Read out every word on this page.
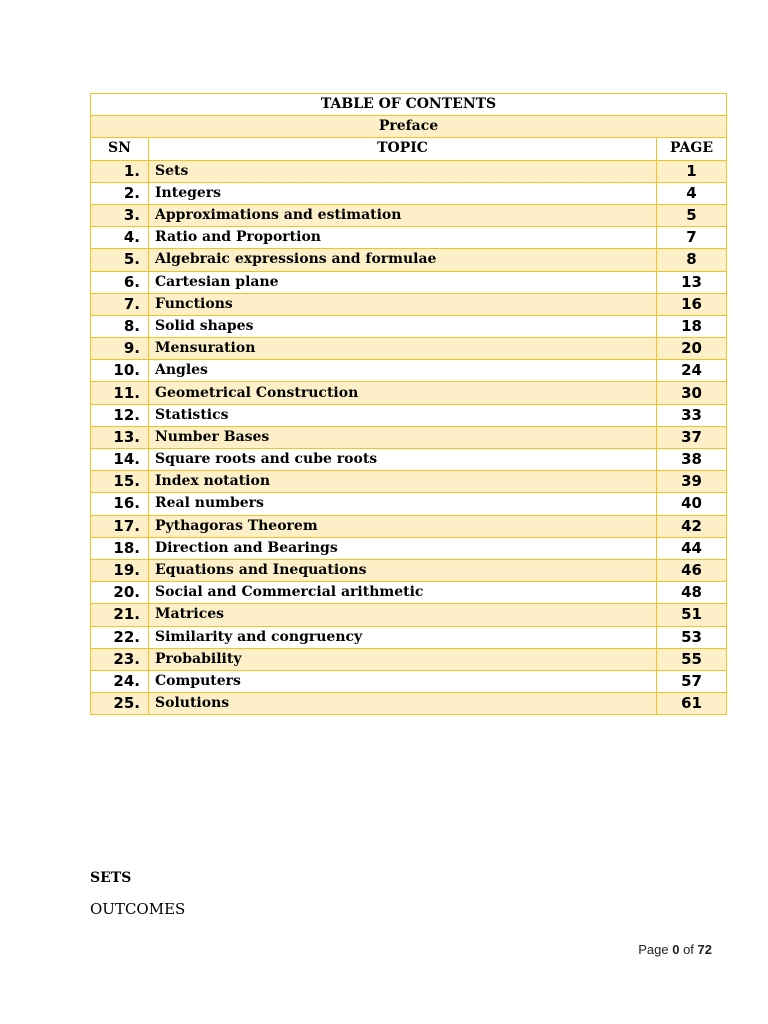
TABLE OF CONTENTS		
Preface		
SN	TOPIC	PAGE
1.	Sets	1
2.	Integers	4
3.	Approximations and estimation	5
4.	Ratio and Proportion	7
5.	Algebraic expressions and formulae	8
6.	Cartesian plane	13
7.	Functions	16
8.	Solid shapes	18
9.	Mensuration	20
10.	Angles	24
11.	Geometrical Construction	30
12.	Statistics	33
13.	Number Bases	37
14.	Square roots and cube roots	38
15.	Index notation	39
16.	Real numbers	40
17.	Pythagoras Theorem	42
18.	Direction and Bearings	44
19.	Equations and Inequations	46
20.	Social and Commercial arithmetic	48
21.	Matrices	51
22.	Similarity and congruency	53
23.	Probability	55
24.	Computers	57
25.	Solutions	61
SETS
OUTCOMES
Page 0 of 72
